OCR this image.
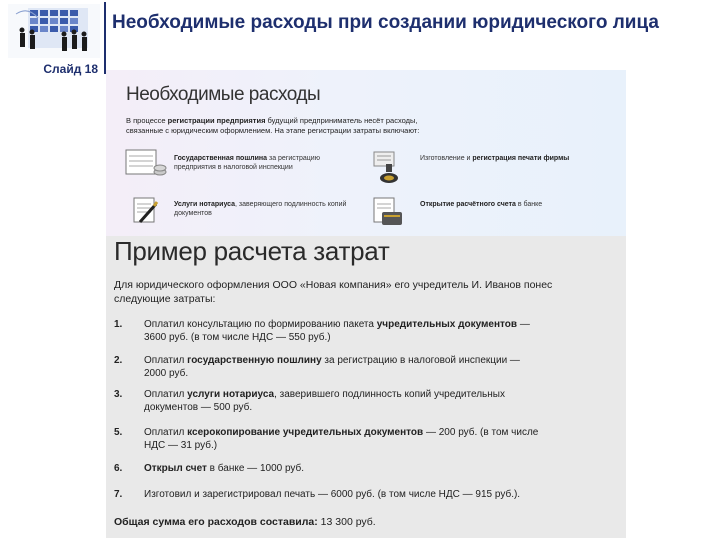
Слайд 18
Необходимые расходы при создании юридического лица
Необходимые расходы
В процессе регистрации предприятия будущий предприниматель несёт расходы, связанные с юридическим оформлением. На этапе регистрации затраты включают:
Государственная пошлина за регистрацию предприятия в налоговой инспекции
Изготовление и регистрация печати фирмы
Услуги нотариуса, заверяющего подлинность копий документов
Открытие расчётного счета в банке
Пример расчета затрат
Для юридического оформления ООО «Новая компания» его учредитель И. Иванов понес следующие затраты:
1.	Оплатил консультацию по формированию пакета учредительных документов — 3600 руб. (в том числе НДС — 550 руб.)
2.	Оплатил государственную пошлину за регистрацию в налоговой инспекции — 2000 руб.
3.	Оплатил услуги нотариуса, заверившего подлинность копий учредительных документов — 500 руб.
5.	Оплатил ксерокопирование учредительных документов — 200 руб. (в том числе НДС — 31 руб.)
6.	Открыл счет в банке — 1000 руб.
7.	Изготовил и зарегистрировал печать — 6000 руб. (в том числе НДС — 915 руб.).
Общая сумма его расходов составила: 13 300 руб.
